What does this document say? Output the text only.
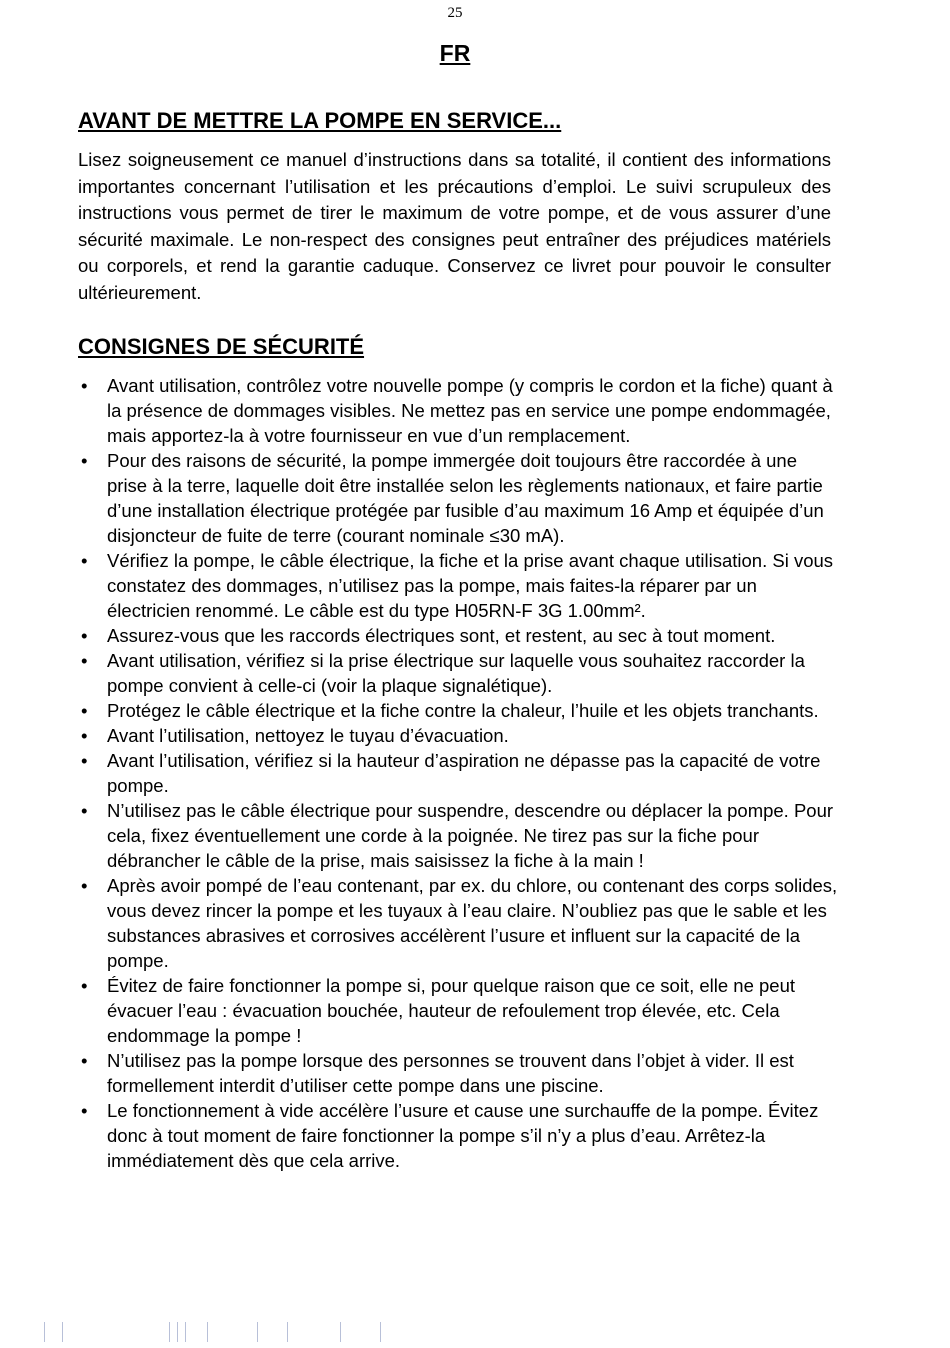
25
FR
AVANT DE METTRE LA POMPE EN SERVICE...

Lisez soigneusement ce manuel d’instructions dans sa totalité, il contient des informations importantes concernant l’utilisation et les précautions d’emploi. Le suivi scrupuleux des instructions vous permet de tirer le maximum de votre pompe, et de vous assurer d’une sécurité maximale. Le non-respect des consignes peut entraîner des préjudices matériels ou corporels, et rend la garantie caduque. Conservez ce livret pour pouvoir le consulter ultérieurement.

CONSIGNES DE SÉCURITÉ
• Avant utilisation, contrôlez votre nouvelle pompe (y compris le cordon et la fiche) quant à la présence de dommages visibles. Ne mettez pas en service une pompe endommagée, mais apportez-la à votre fournisseur en vue d’un remplacement.
• Pour des raisons de sécurité, la pompe immergée doit toujours être raccordée à une prise à la terre, laquelle doit être installée selon les règlements nationaux, et faire partie d’une installation électrique protégée par fusible d’au maximum 16 Amp et équipée d’un disjoncteur de fuite de terre (courant nominale ≤30 mA).
• Vérifiez la pompe, le câble électrique, la fiche et la prise avant chaque utilisation. Si vous constatez des dommages, n’utilisez pas la pompe, mais faites-la réparer par un électricien renommé. Le câble est du type H05RN-F 3G 1.00mm².
• Assurez-vous que les raccords électriques sont, et restent, au sec à tout moment.
• Avant utilisation, vérifiez si la prise électrique sur laquelle vous souhaitez raccorder la pompe convient à celle-ci (voir la plaque signalétique).
• Protégez le câble électrique et la fiche contre la chaleur, l’huile et les objets tranchants.
• Avant l’utilisation, nettoyez le tuyau d’évacuation.
• Avant l’utilisation, vérifiez si la hauteur d’aspiration ne dépasse pas la capacité de votre pompe.
• N’utilisez pas le câble électrique pour suspendre, descendre ou déplacer la pompe. Pour cela, fixez éventuellement une corde à la poignée. Ne tirez pas sur la fiche pour débrancher le câble de la prise, mais saisissez la fiche à la main !
• Après avoir pompé de l’eau contenant, par ex. du chlore, ou contenant des corps solides, vous devez rincer la pompe et les tuyaux à l’eau claire. N’oubliez pas que le sable et les substances abrasives et corrosives accélèrent l’usure et influent sur la capacité de la pompe.
• Évitez de faire fonctionner la pompe si, pour quelque raison que ce soit, elle ne peut évacuer l’eau : évacuation bouchée, hauteur de refoulement trop élevée, etc. Cela endommage la pompe !
• N’utilisez pas la pompe lorsque des personnes se trouvent dans l’objet à vider. Il est formellement interdit d’utiliser cette pompe dans une piscine.
• Le fonctionnement à vide accélère l’usure et cause une surchauffe de la pompe. Évitez donc à tout moment de faire fonctionner la pompe s’il n’y a plus d’eau. Arrêtez-la immédiatement dès que cela arrive.
